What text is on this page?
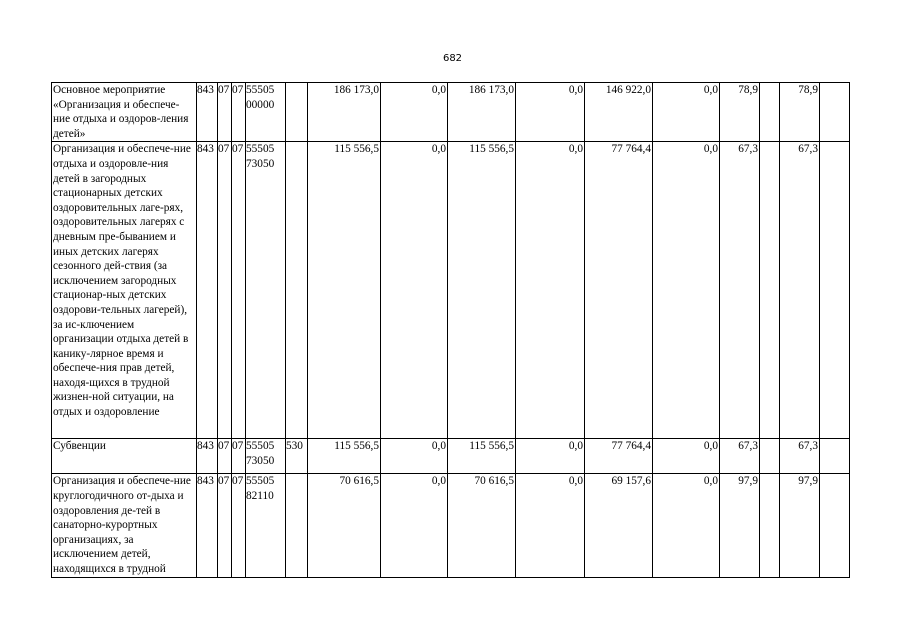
682
Основное мероприятие «Организация и обеспече-ние отдыха и оздоров-ления детей»	843	07	07	55505 00000		186 173,0	0,0	186 173,0	0,0	146 922,0	0,0	78,9		78,9	
Организация и обеспече-ние отдыха и оздоровле-ния детей в загородных стационарных детских оздоровительных лаге-рях, оздоровительных лагерях с дневным пре-быванием и иных детских лагерях сезонного дей-ствия (за исключением загородных стационар-ных детских оздорови-тельных лагерей), за ис-ключением организации отдыха детей в канику-лярное время и обеспече-ния прав детей, находя-щихся в трудной жизнен-ной ситуации, на отдых и оздоровление	843	07	07	55505 73050		115 556,5	0,0	115 556,5	0,0	77 764,4	0,0	67,3		67,3	
Субвенции	843	07	07	55505 73050	530	115 556,5	0,0	115 556,5	0,0	77 764,4	0,0	67,3		67,3	
Организация и обеспече-ние круглогодичного от-дыха и оздоровления де-тей в санаторно-курортных организациях, за исключением детей, находящихся в трудной	843	07	07	55505 82110		70 616,5	0,0	70 616,5	0,0	69 157,6	0,0	97,9		97,9	
